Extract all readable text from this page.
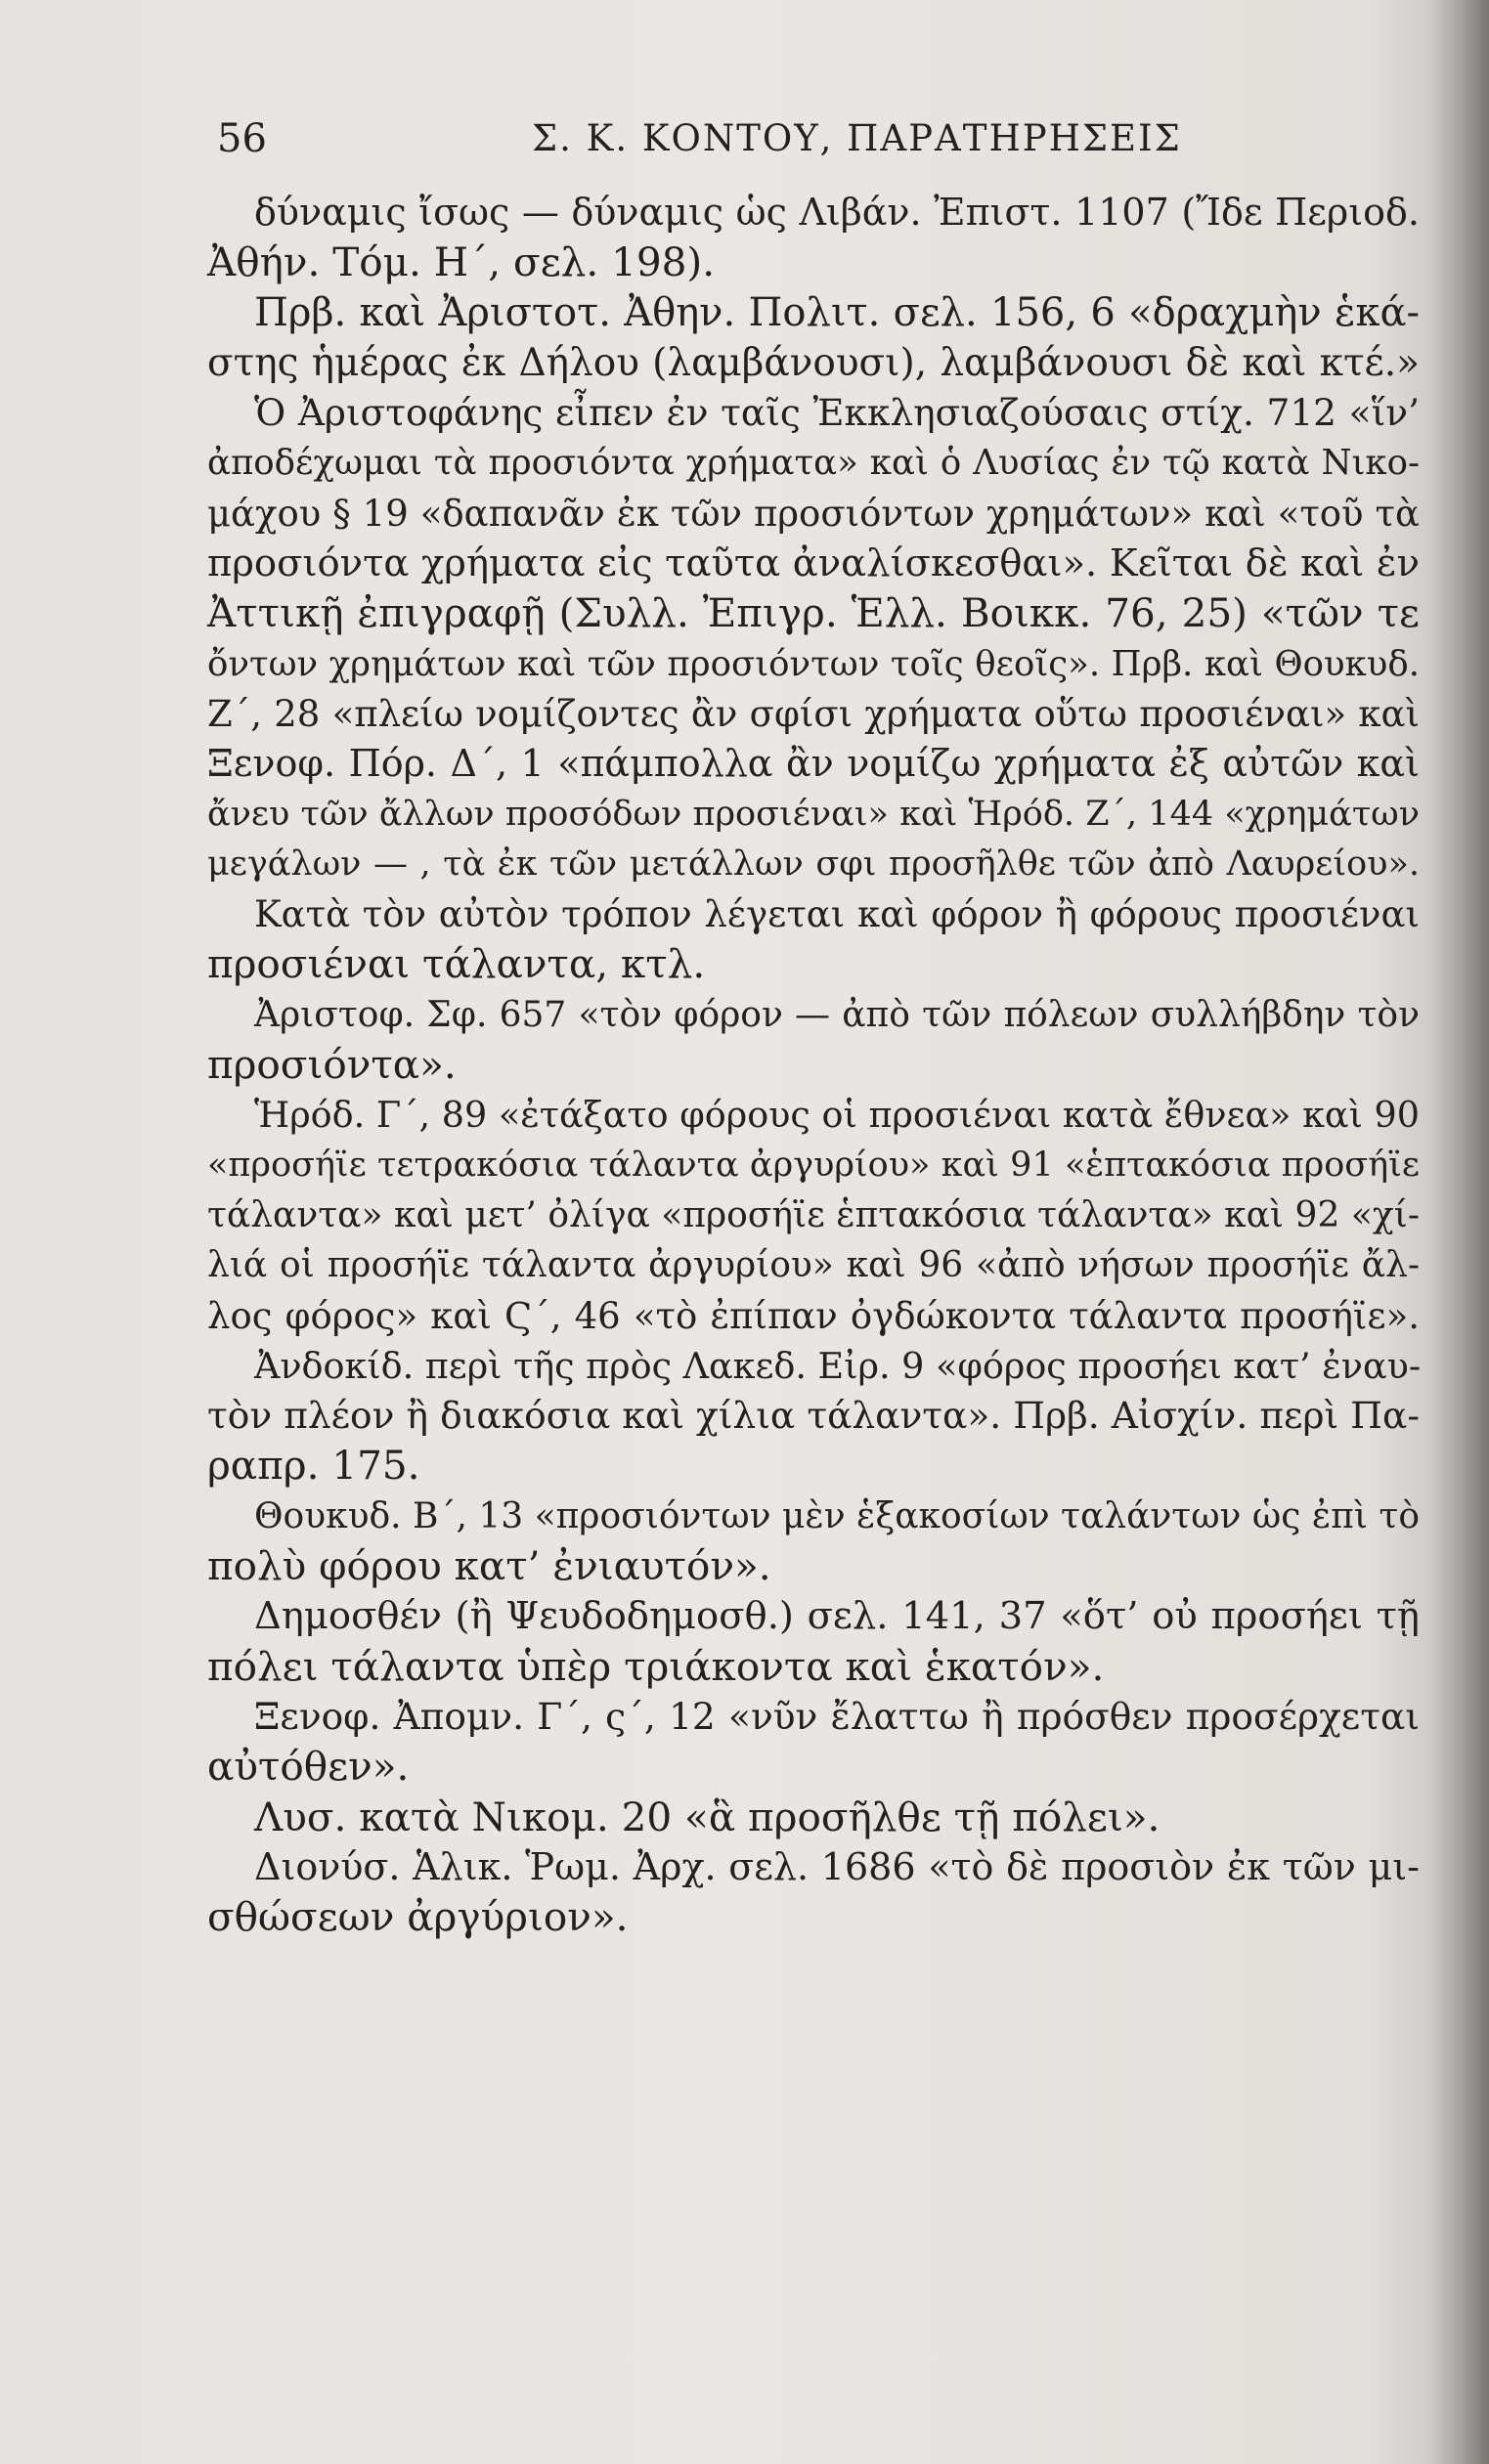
56	Σ. Κ. ΚΟΝΤΟΥ, ΠΑΡΑΤΗΡΗΣΕΙΣ
δύναμις ἴσως — δύναμις ὡς Λιβάν. Ἐπιστ. 1107 (Ἴδε Περιοδ.
Ἀθήν. Τόμ. Η΄, σελ. 198).
Πρβ. καὶ Ἀριστοτ. Ἀθην. Πολιτ. σελ. 156, 6 «δραχμὴν ἑκά-
στης ἡμέρας ἐκ Δήλου (λαμβάνουσι), λαμβάνουσι δὲ καὶ κτέ.»
Ὁ Ἀριστοφάνης εἶπεν ἐν ταῖς Ἐκκλησιαζούσαις στίχ. 712 «ἵν’
ἀποδέχωμαι τὰ προσιόντα χρήματα» καὶ ὁ Λυσίας ἐν τῷ κατὰ Νικο-
μάχου § 19 «δαπανᾶν ἐκ τῶν προσιόντων χρημάτων» καὶ «τοῦ τὰ
προσιόντα χρήματα εἰς ταῦτα ἀναλίσκεσθαι». Κεῖται δὲ καὶ ἐν
Ἀττικῇ ἐπιγραφῇ (Συλλ. Ἐπιγρ. Ἑλλ. Βοικκ. 76, 25) «τῶν τε
ὄντων χρημάτων καὶ τῶν προσιόντων τοῖς θεοῖς». Πρβ. καὶ Θουκυδ.
Ζ΄, 28 «πλείω νομίζοντες ἂν σφίσι χρήματα οὕτω προσιέναι» καὶ
Ξενοφ. Πόρ. Δ΄, 1 «πάμπολλα ἂν νομίζω χρήματα ἐξ αὐτῶν καὶ
ἄνευ τῶν ἄλλων προσόδων προσιέναι» καὶ Ἡρόδ. Ζ΄, 144 «χρημάτων
μεγάλων — , τὰ ἐκ τῶν μετάλλων σφι προσῆλθε τῶν ἀπὸ Λαυρείου».
Κατὰ τὸν αὐτὸν τρόπον λέγεται καὶ φόρον ἢ φόρους προσιέναι
προσιέναι τάλαντα, κτλ.
Ἀριστοφ. Σφ. 657 «τὸν φόρον — ἀπὸ τῶν πόλεων συλλήβδην τὸν
προσιόντα».
Ἡρόδ. Γ΄, 89 «ἐτάξατο φόρους οἱ προσιέναι κατὰ ἔθνεα» καὶ 90
«προσήϊε τετρακόσια τάλαντα ἀργυρίου» καὶ 91 «ἑπτακόσια προσήϊε
τάλαντα» καὶ μετ’ ὀλίγα «προσήϊε ἑπτακόσια τάλαντα» καὶ 92 «χί-
λιά οἱ προσήϊε τάλαντα ἀργυρίου» καὶ 96 «ἀπὸ νήσων προσήϊε ἄλ-
λος φόρος» καὶ Ϛ΄, 46 «τὸ ἐπίπαν ὀγδώκοντα τάλαντα προσήϊε».
Ἀνδοκίδ. περὶ τῆς πρὸς Λακεδ. Εἰρ. 9 «φόρος προσήει κατ’ ἐναυ-
τὸν πλέον ἢ διακόσια καὶ χίλια τάλαντα». Πρβ. Αἰσχίν. περὶ Πα-
ραπρ. 175.
Θουκυδ. Β΄, 13 «προσιόντων μὲν ἑξακοσίων ταλάντων ὡς ἐπὶ τὸ
πολὺ φόρου κατ’ ἐνιαυτόν».
Δημοσθέν (ἢ Ψευδοδημοσθ.) σελ. 141, 37 «ὅτ’ οὐ προσήει τῇ
πόλει τάλαντα ὑπὲρ τριάκοντα καὶ ἑκατόν».
Ξενοφ. Ἀπομν. Γ΄, ς΄, 12 «νῦν ἔλαττω ἢ πρόσθεν προσέρχεται
αὐτόθεν».
Λυσ. κατὰ Νικομ. 20 «ἃ προσῆλθε τῇ πόλει».
Διονύσ. Ἁλικ. Ῥωμ. Ἀρχ. σελ. 1686 «τὸ δὲ προσιὸν ἐκ τῶν μι-
σθώσεων ἀργύριον».
